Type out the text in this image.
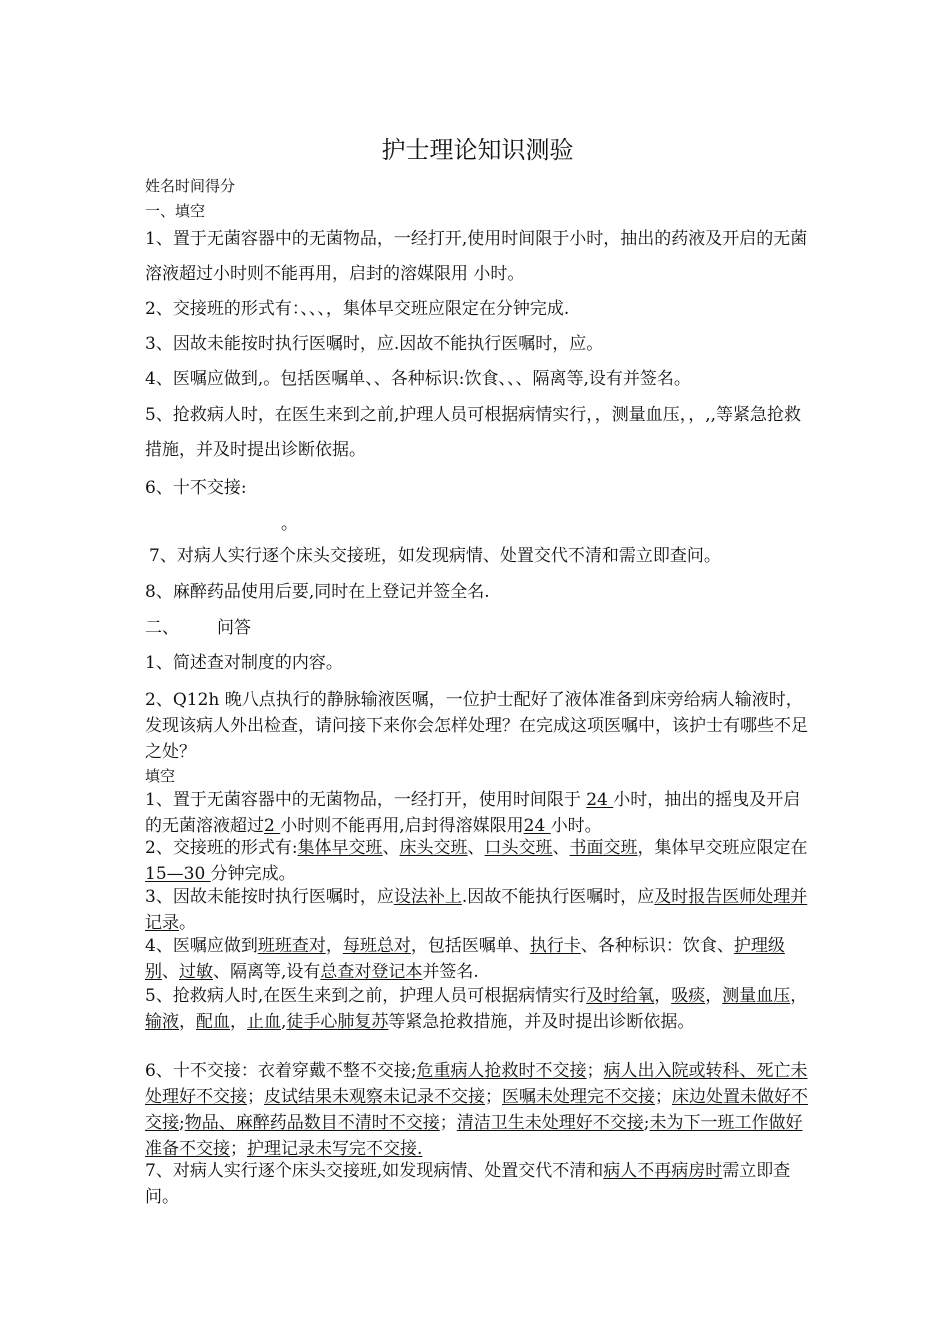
护士理论知识测验
姓名时间得分
一、填空
1、置于无菌容器中的无菌物品，一经打开,使用时间限于小时，抽出的药液及开启的无菌溶液超过小时则不能再用，启封的溶媒限用 小时。
2、交接班的形式有：、、、，集体早交班应限定在分钟完成.
3、因故未能按时执行医嘱时，应.因故不能执行医嘱时，应。
4、医嘱应做到,。包括医嘱单、、各种标识:饮食、、、隔离等,设有并签名。
5、抢救病人时，在医生来到之前,护理人员可根据病情实行，，测量血压，，,,等紧急抢救措施，并及时提出诊断依据。
6、十不交接:
。
7、对病人实行逐个床头交接班，如发现病情、处置交代不清和需立即查问。
8、麻醉药品使用后要,同时在上登记并签全名.
二、 问答
1、简述查对制度的内容。
2、Q12h 晚八点执行的静脉输液医嘱，一位护士配好了液体准备到床旁给病人输液时，发现该病人外出检查，请问接下来你会怎样处理？在完成这项医嘱中，该护士有哪些不足之处？
填空
1、置于无菌容器中的无菌物品，一经打开，使用时间限于 24 小时，抽出的摇曳及开启的无菌溶液超过2 小时则不能再用,启封得溶媒限用24 小时。
2、交接班的形式有:集体早交班、床头交班、口头交班、书面交班，集体早交班应限定在15—30 分钟完成。
3、因故未能按时执行医嘱时，应设法补上.因故不能执行医嘱时，应及时报告医师处理并记录。
4、医嘱应做到班班查对，每班总对，包括医嘱单、执行卡、各种标识：饮食、护理级别、过敏、隔离等,设有总查对登记本并签名.
5、抢救病人时,在医生来到之前，护理人员可根据病情实行及时给氧，吸痰，测量血压，输液，配血，止血,徒手心肺复苏等紧急抢救措施，并及时提出诊断依据。
6、十不交接：衣着穿戴不整不交接;危重病人抢救时不交接；病人出入院或转科、死亡未处理好不交接；皮试结果未观察未记录不交接；医嘱未处理完不交接；床边处置未做好不交接;物品、麻醉药品数目不清时不交接；清洁卫生未处理好不交接;未为下一班工作做好准备不交接；护理记录未写完不交接.
7、对病人实行逐个床头交接班,如发现病情、处置交代不清和病人不再病房时需立即查问。
